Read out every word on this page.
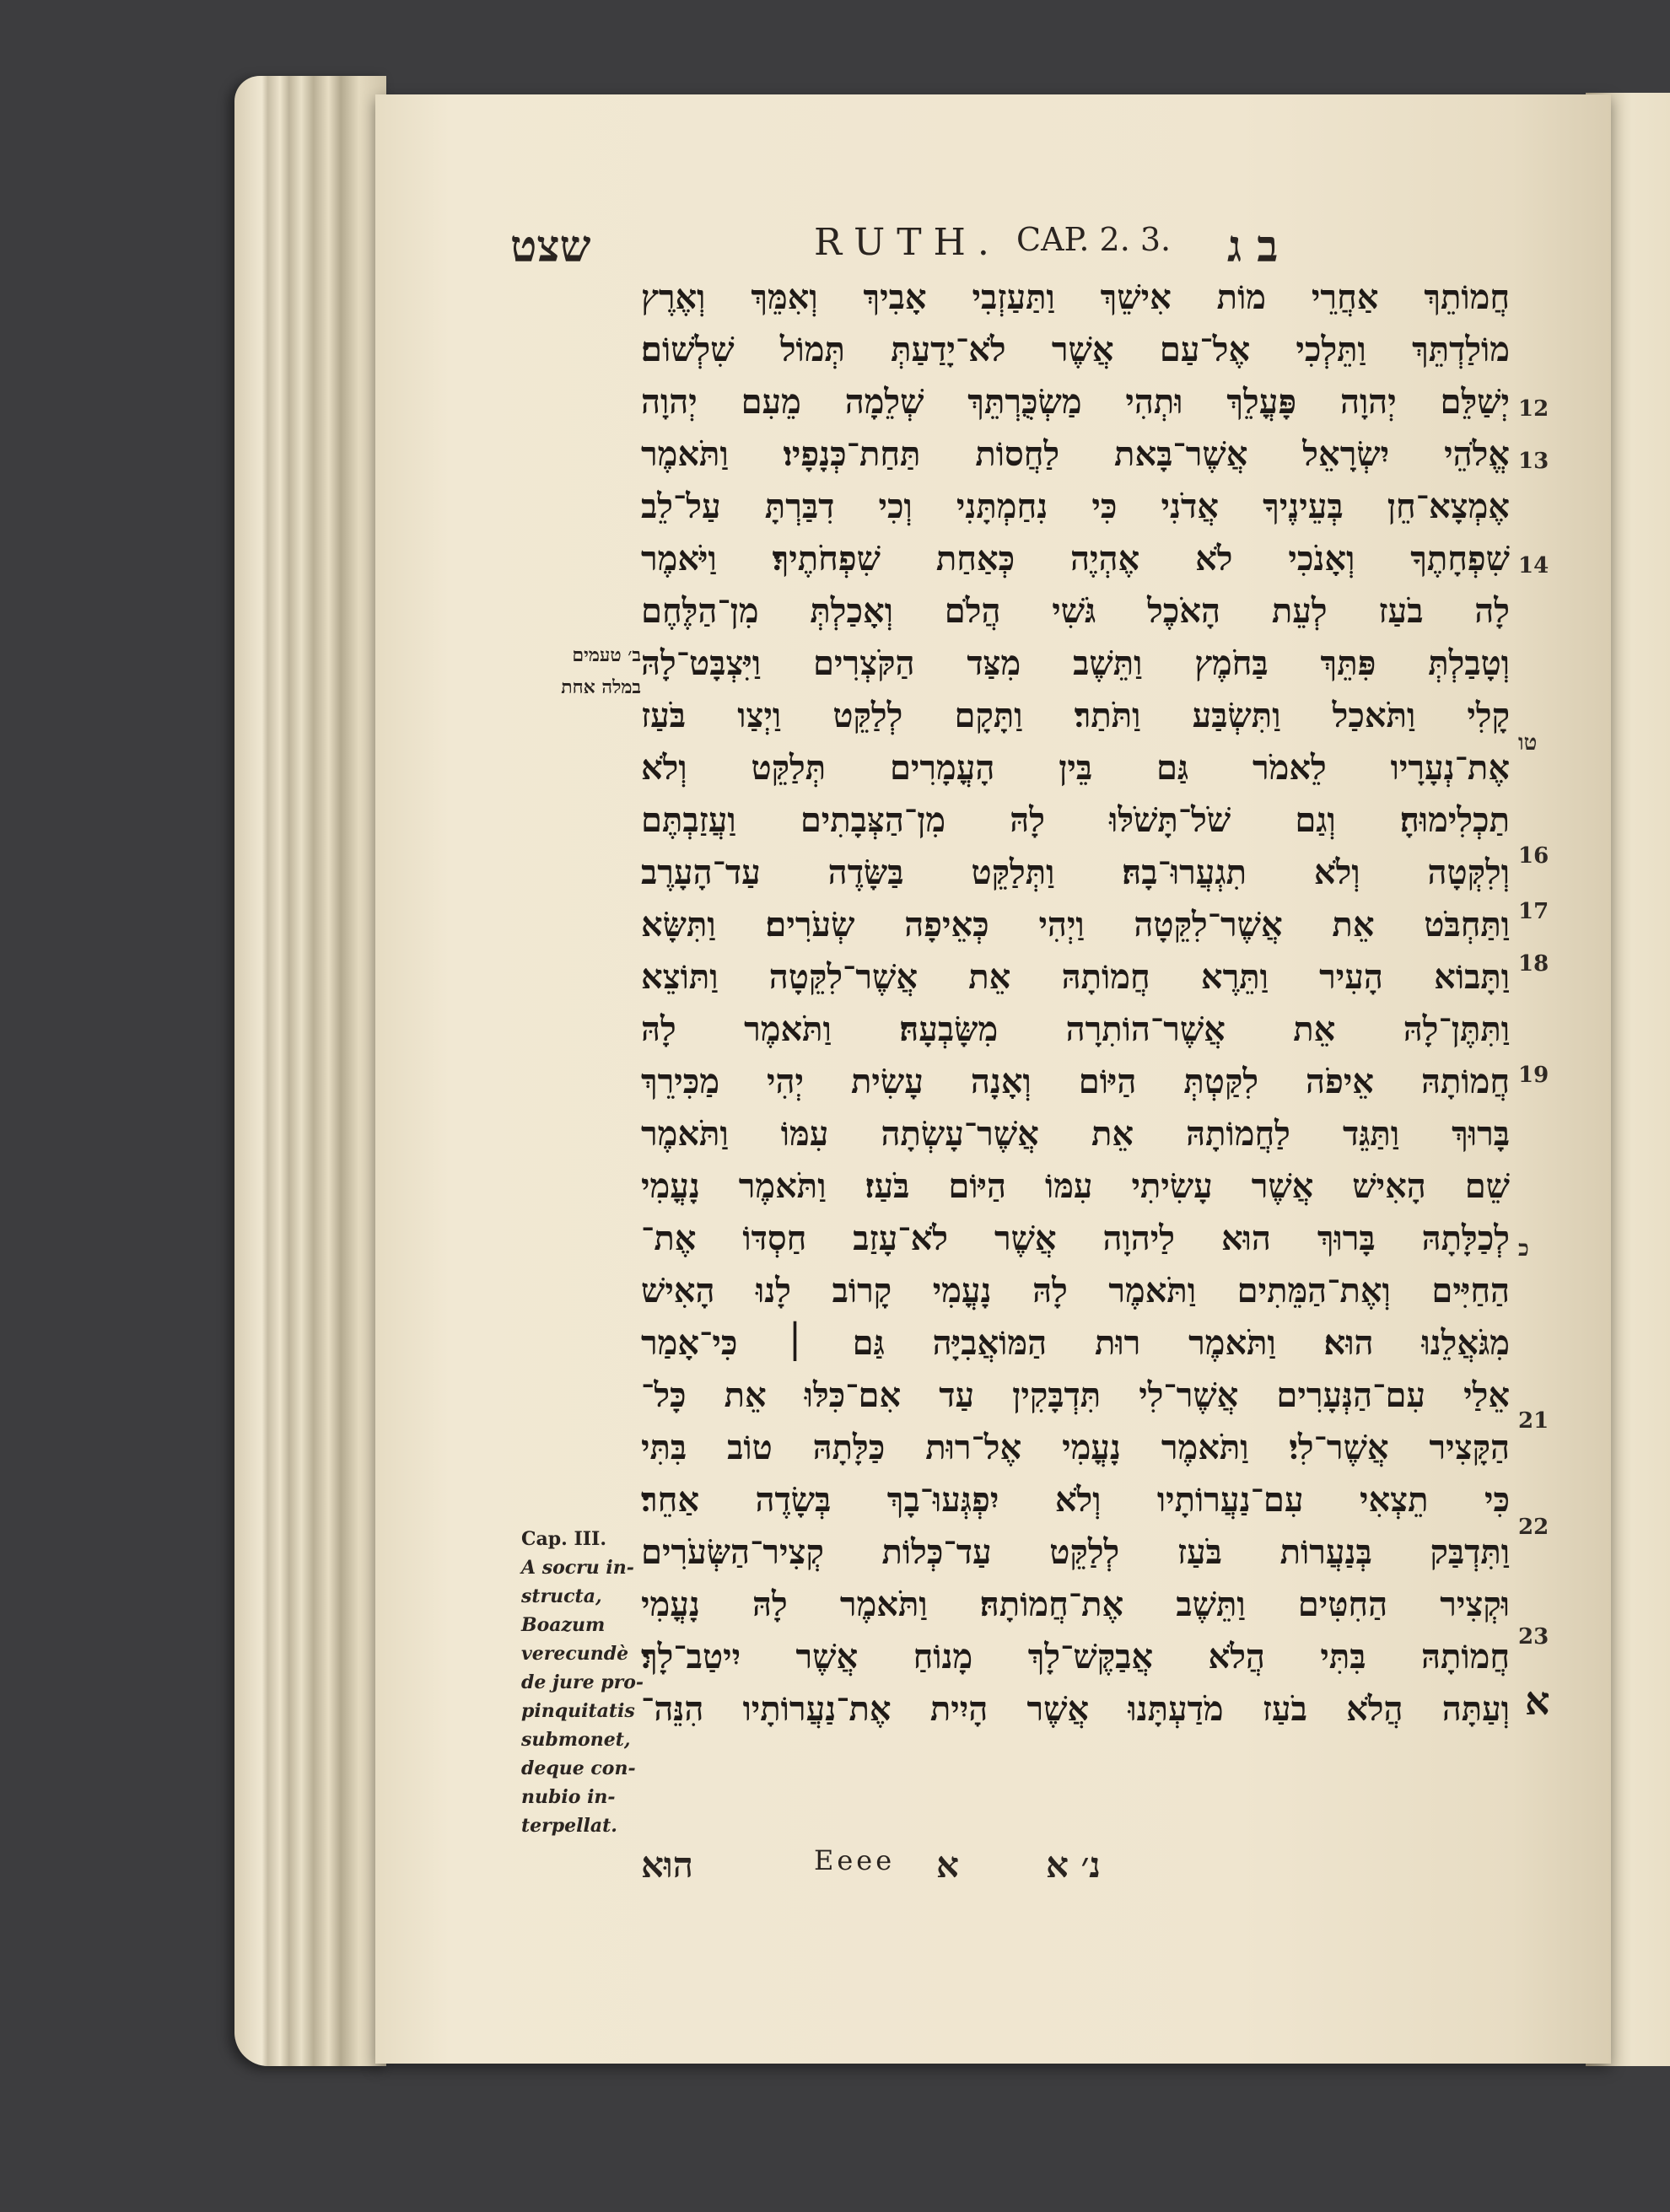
שצט	RUTH. CAP. 2. 3. ב ג
חֲמוֹתֵךְ אַחֲרֵי מוֹת אִישֵׁךְ וַתַּעַזְבִי אָבִיךְ וְאִמֵּךְ וְאֶרֶץ
מוֹלַדְתֵּךְ וַתֵּלְכִי אֶל־עַם אֲשֶׁר לֹא־יָדַעַתְּ תְּמוֹל שִׁלְשׁוֹם׃
יְשַׁלֵּם יְהוָה פָּעֳלֵךְ וּתְהִי מַשְׂכֻּרְתֵּךְ שְׁלֵמָה מֵעִם יְהוָה
אֱלֹהֵי יִשְׂרָאֵל אֲשֶׁר־בָּאת לַחֲסוֹת תַּחַת־כְּנָפָיו׃ וַתֹּאמֶר
אֶמְצָא־חֵן בְּעֵינֶיךָ אֲדֹנִי כִּי נִחַמְתָּנִי וְכִי דִבַּרְתָּ עַל־לֵב
שִׁפְחָתֶךָ וְאָנֹכִי לֹא אֶהְיֶה כְּאַחַת שִׁפְחֹתֶיךָ׃ וַיֹּאמֶר
לָה בֹעַז לְעֵת הָאֹכֶל גֹּשִׁי הֲלֹם וְאָכַלְתְּ מִן־הַלֶּחֶם
וְטָבַלְתְּ פִּתֵּךְ בַּחֹמֶץ וַתֵּשֶׁב מִצַּד הַקֹּצְרִים וַיִּצְבָּט־לָהּ
קָלִי וַתֹּאכַל וַתִּשְׂבַּע וַתֹּתַר׃ וַתָּקָם לְלַקֵּט וַיְצַו בֹּעַז
אֶת־נְעָרָיו לֵאמֹר גַּם בֵּין הָעֳמָרִים תְּלַקֵּט וְלֹא
תַכְלִימוּהָ׃ וְגַם שֹׁל־תָּשֹׁלּוּ לָהּ מִן־הַצְּבָתִים וַעֲזַבְתֶּם
וְלִקְּטָה וְלֹא תִגְעֲרוּ־בָהּ׃ וַתְּלַקֵּט בַּשָּׂדֶה עַד־הָעָרֶב
וַתַּחְבֹּט אֵת אֲשֶׁר־לִקֵּטָה וַיְהִי כְּאֵיפָה שְׂעֹרִים׃ וַתִּשָּׂא
וַתָּבוֹא הָעִיר וַתֵּרֶא חֲמוֹתָהּ אֵת אֲשֶׁר־לִקֵּטָה וַתּוֹצֵא
וַתִּתֶּן־לָהּ אֵת אֲשֶׁר־הוֹתִרָה מִשָּׂבְעָהּ׃ וַתֹּאמֶר לָהּ
חֲמוֹתָהּ אֵיפֹה לִקַּטְתְּ הַיּוֹם וְאָנָה עָשִׂית יְהִי מַכִּירֵךְ
בָּרוּךְ וַתַּגֵּד לַחֲמוֹתָהּ אֵת אֲשֶׁר־עָשְׂתָה עִמּוֹ וַתֹּאמֶר
שֵׁם הָאִישׁ אֲשֶׁר עָשִׂיתִי עִמּוֹ הַיּוֹם בֹּעַז׃ וַתֹּאמֶר נָעֳמִי
לְכַלָּתָהּ בָּרוּךְ הוּא לַיהוָה אֲשֶׁר לֹא־עָזַב חַסְדּוֹ אֶת־
הַחַיִּים וְאֶת־הַמֵּתִים וַתֹּאמֶר לָהּ נָעֳמִי קָרוֹב לָנוּ הָאִישׁ
מִגֹּאֲלֵנוּ הוּא׃ וַתֹּאמֶר רוּת הַמּוֹאֲבִיָּה גַּם ׀ כִּי־אָמַר
אֵלַי עִם־הַנְּעָרִים אֲשֶׁר־לִי תִּדְבָּקִין עַד אִם־כִּלּוּ אֵת כָּל־
הַקָּצִיר אֲשֶׁר־לִי׃ וַתֹּאמֶר נָעֳמִי אֶל־רוּת כַּלָּתָהּ טוֹב בִּתִּי
כִּי תֵצְאִי עִם־נַעֲרוֹתָיו וְלֹא יִפְגְּעוּ־בָךְ בְּשָׂדֶה אַחֵר׃
וַתִּדְבַּק בְּנַעֲרוֹת בֹּעַז לְלַקֵּט עַד־כְּלוֹת קְצִיר־הַשְּׂעֹרִים
וּקְצִיר הַחִטִּים וַתֵּשֶׁב אֶת־חֲמוֹתָהּ׃ וַתֹּאמֶר לָהּ נָעֳמִי
חֲמוֹתָהּ בִּתִּי הֲלֹא אֲבַקֶּשׁ־לָךְ מָנוֹחַ אֲשֶׁר יִיטַב־לָךְ׃
וְעַתָּה הֲלֹא בֹעַז מֹדַעְתָּנוּ אֲשֶׁר הָיִית אֶת־נַעֲרוֹתָיו הִנֵּה־
12
13
14
טו
16
17
18
19
כ
21
22
23
ב׳ טעמים
במלה אחת
Cap. III.
A socru in-
structa,
Boazum
verecundè
de jure pro-
pinquitatis
submonet,
deque con-
nubio in-
terpellat.
א
הוּא	Eeee א נ׳ א
